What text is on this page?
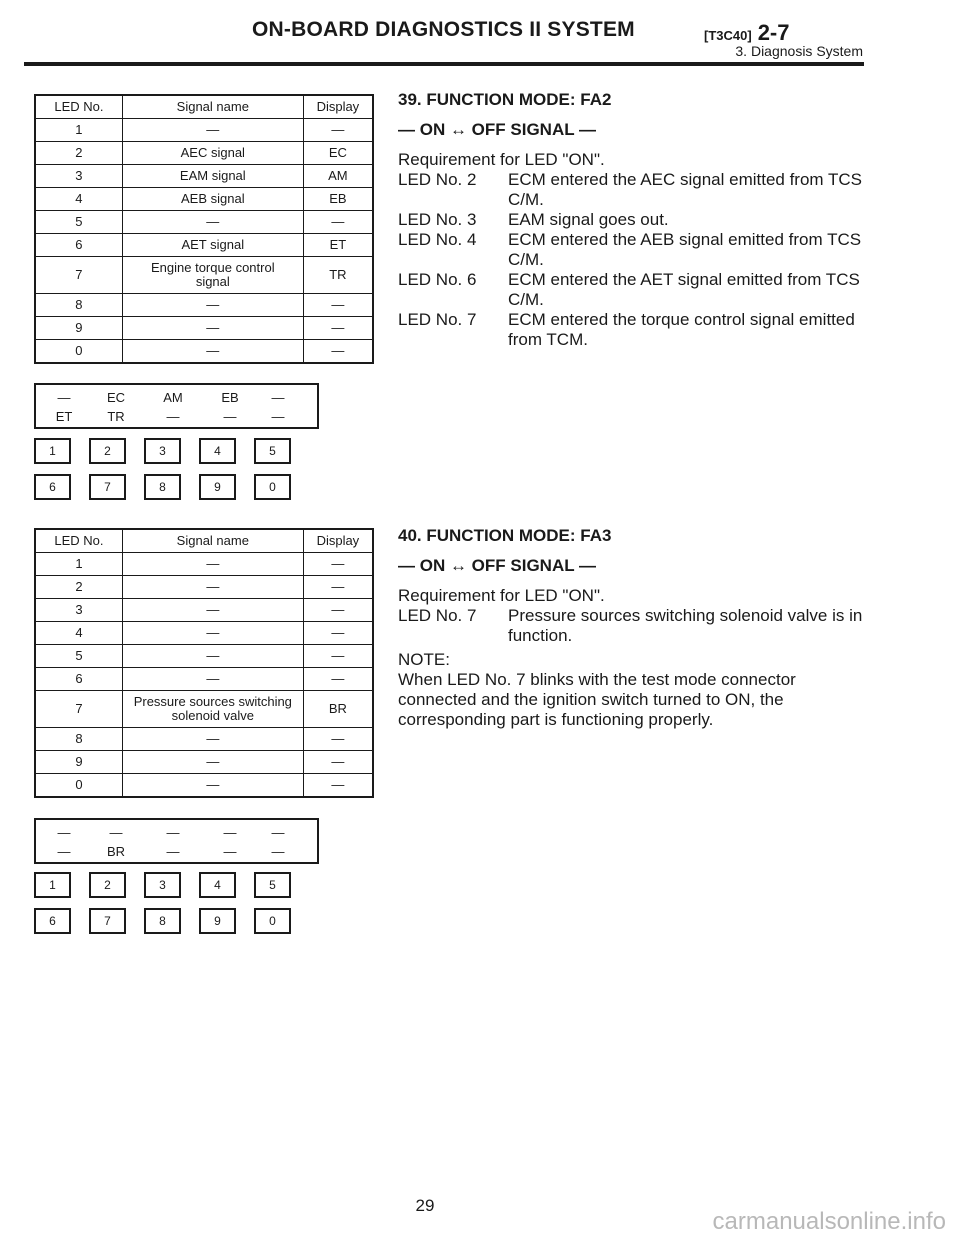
ON-BOARD DIAGNOSTICS II SYSTEM	[T3C40] 2-7
3. Diagnosis System
LED No.	Signal name	Display
1	—	—
2	AEC signal	EC
3	EAM signal	AM
4	AEB signal	EB
5	—	—
6	AET signal	ET
7	Engine torque control signal	TR
8	—	—
9	—	—
0	—	—
—	EC	AM	EB	—
ET	TR	—	—	—
1	2	3	4	5
6	7	8	9	0
LED No.	Signal name	Display
1	—	—
2	—	—
3	—	—
4	—	—
5	—	—
6	—	—
7	Pressure sources switching solenoid valve	BR
8	—	—
9	—	—
0	—	—
—	—	—	—	—
—	BR	—	—	—
1	2	3	4	5
6	7	8	9	0
39. FUNCTION MODE: FA2
— ON ↔ OFF SIGNAL —

Requirement for LED "ON".

LED No. 2	ECM entered the AEC signal emitted from TCS C/M.
LED No. 3	EAM signal goes out.
LED No. 4	ECM entered the AEB signal emitted from TCS C/M.
LED No. 6	ECM entered the AET signal emitted from TCS C/M.
LED No. 7	ECM entered the torque control signal emitted from TCM.
40. FUNCTION MODE: FA3
— ON ↔ OFF SIGNAL —

Requirement for LED "ON".

LED No. 7	Pressure sources switching solenoid valve is in function.

NOTE:

When LED No. 7 blinks with the test mode connector connected and the ignition switch turned to ON, the corresponding part is functioning properly.

29
carmanualsonline.info
